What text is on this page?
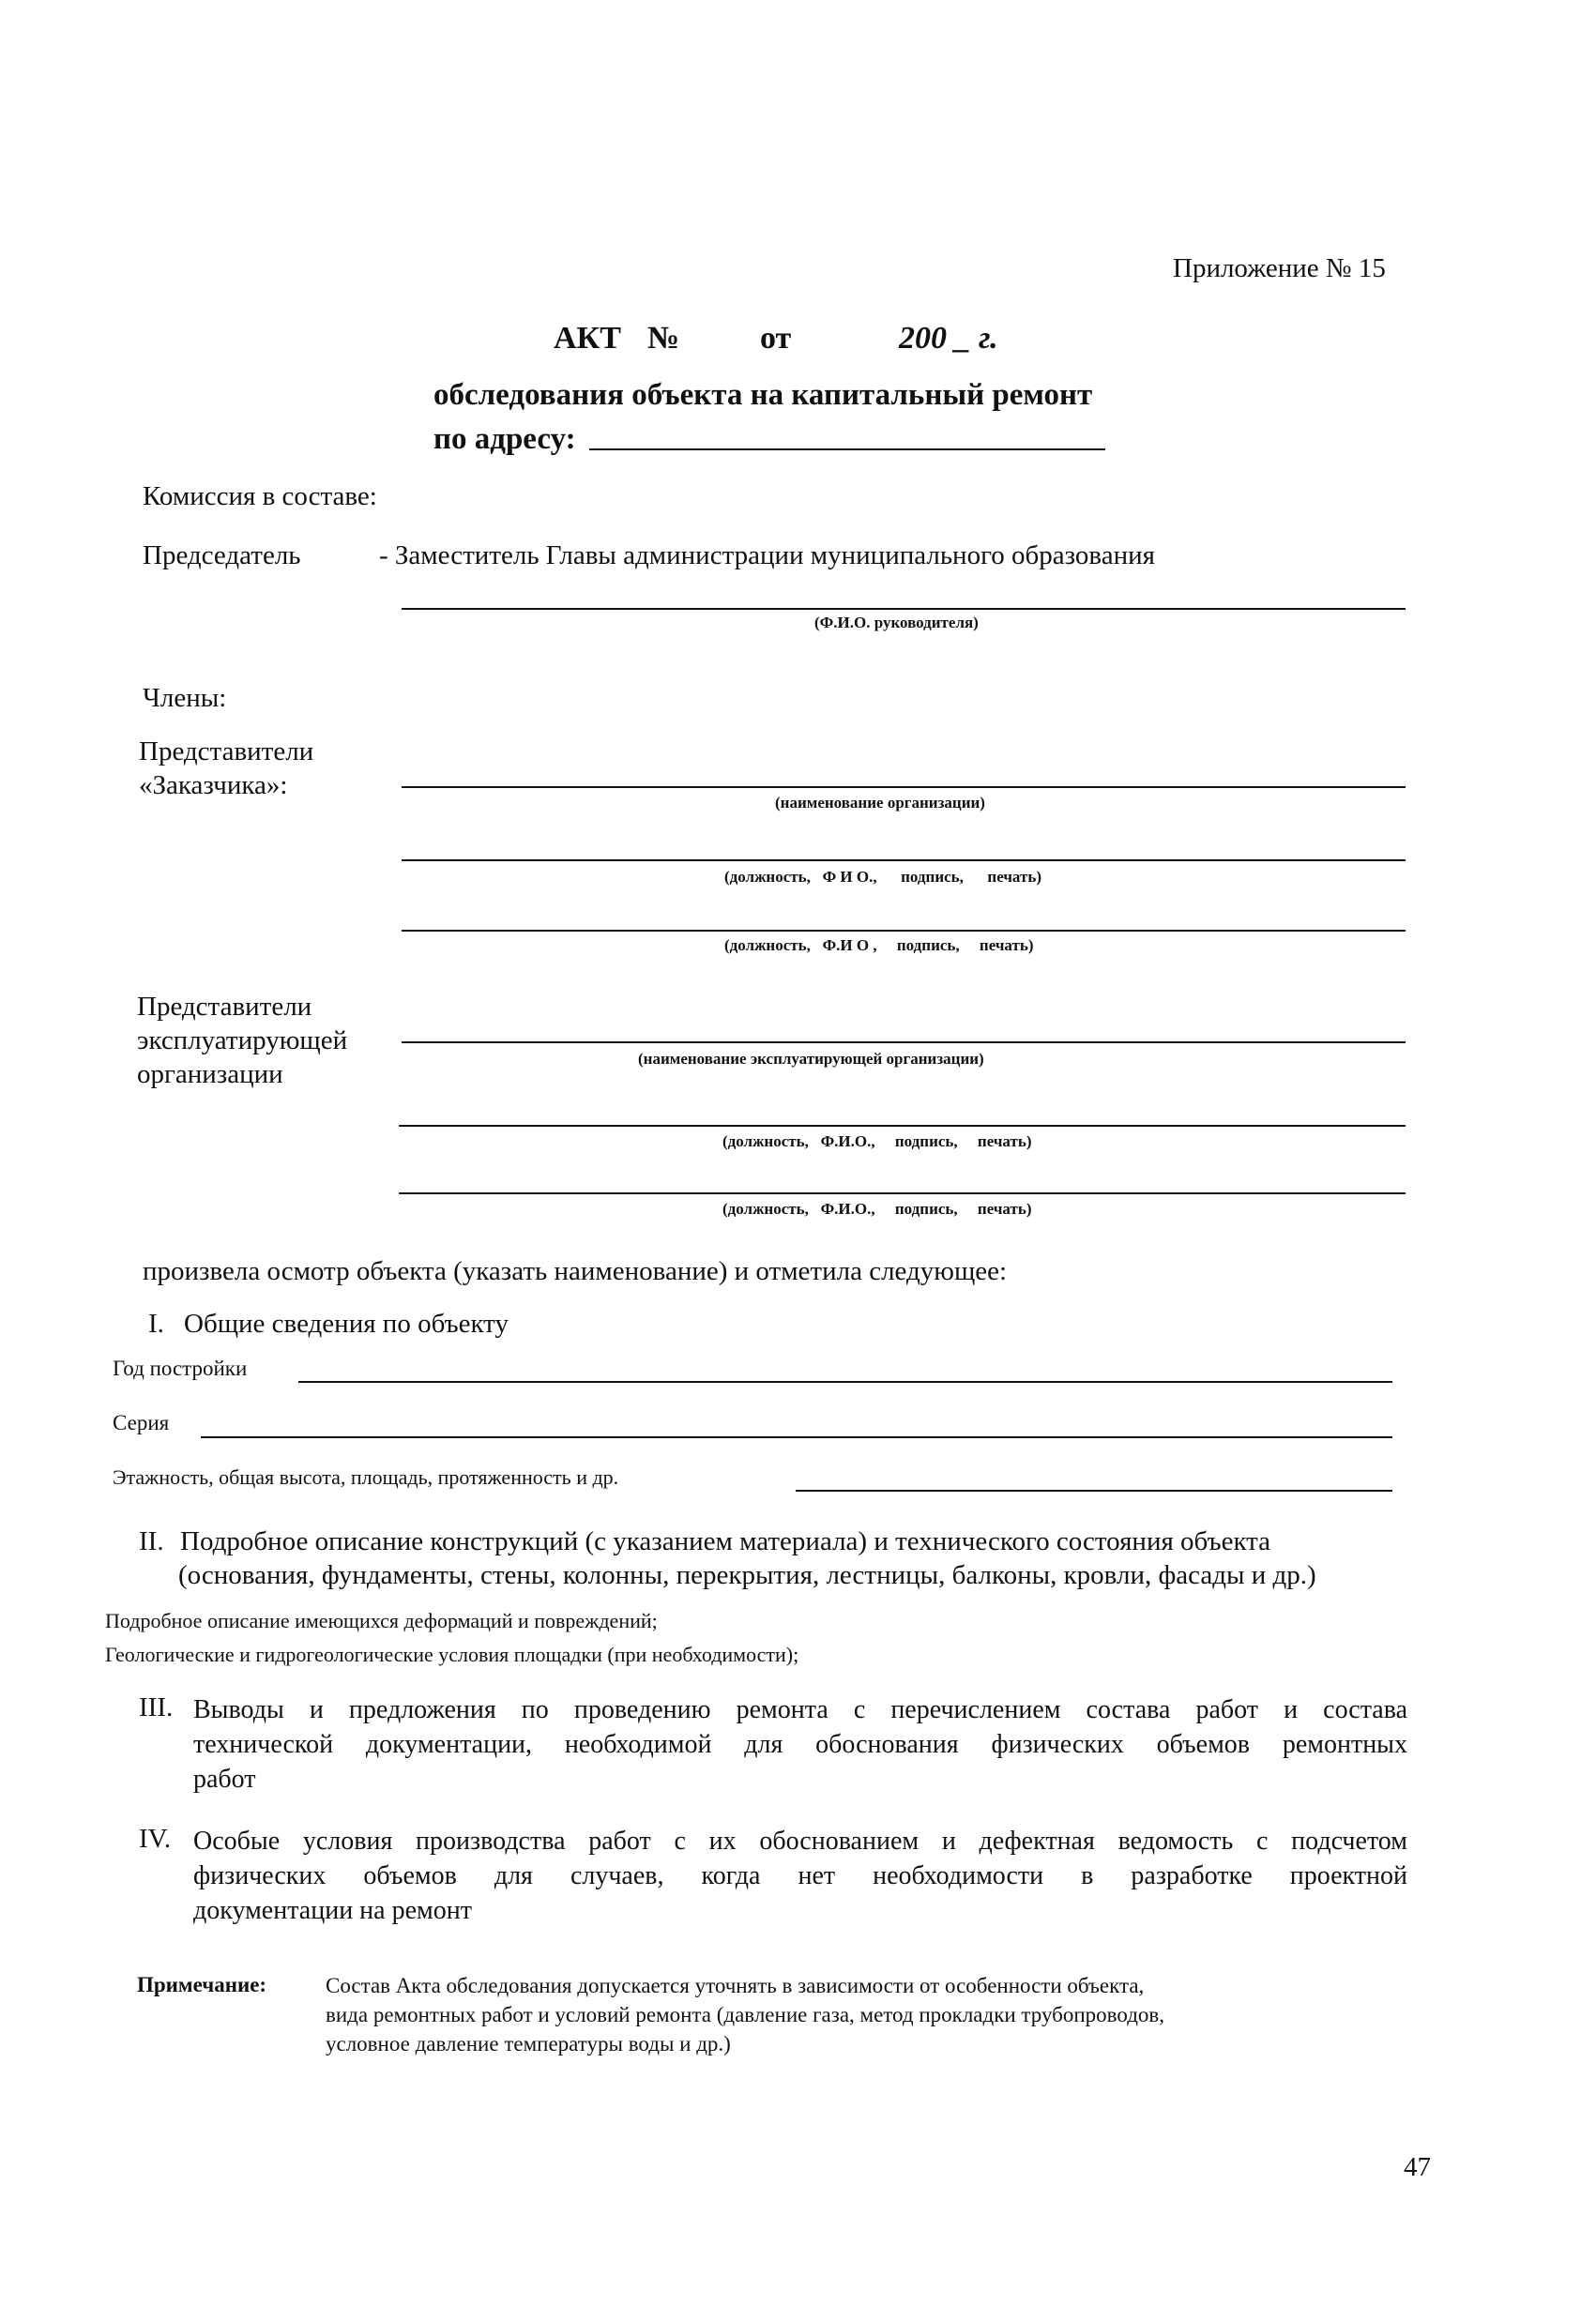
Приложение № 15
АКТ №	от	200 _ г.
обследования объекта на капитальный ремонт
по адресу:
Комиссия в составе:
Председатель	- Заместитель Главы администрации муниципального образования
(Ф.И.О. руководителя)
Члены:
Представители
«Заказчика»:
(наименование организации)
(должность,   Ф И О.,      подпись,      печать)
(должность,   Ф.И О ,     подпись,     печать)
Представители
эксплуатирующей
организации
(наименование эксплуатирующей организации)
(должность,   Ф.И.О.,     подпись,     печать)
(должность,   Ф.И.О.,     подпись,     печать)
произвела осмотр объекта (указать наименование) и отметила следующее:
I. Общие сведения по объекту
Год постройки
Серия
Этажность, общая высота, площадь, протяженность и др.
II. Подробное описание конструкций (с указанием материала) и технического состояния объекта
(основания, фундаменты, стены, колонны, перекрытия, лестницы, балконы, кровли, фасады и др.)
Подробное описание имеющихся деформаций и повреждений;
Геологические и гидрогеологические условия площадки (при необходимости);
III. Выводы и предложения по проведению ремонта с перечислением состава работ и состава
технической документации, необходимой для обоснования физических объемов ремонтных
работ
IV. Особые условия производства работ с их обоснованием и дефектная ведомость с подсчетом
физических объемов для случаев, когда нет необходимости в разработке проектной
документации на ремонт
Примечание:	Состав Акта обследования допускается уточнять в зависимости от особенности объекта,
вида ремонтных работ и условий ремонта (давление газа, метод прокладки трубопроводов,
условное давление температуры воды и др.)
47
